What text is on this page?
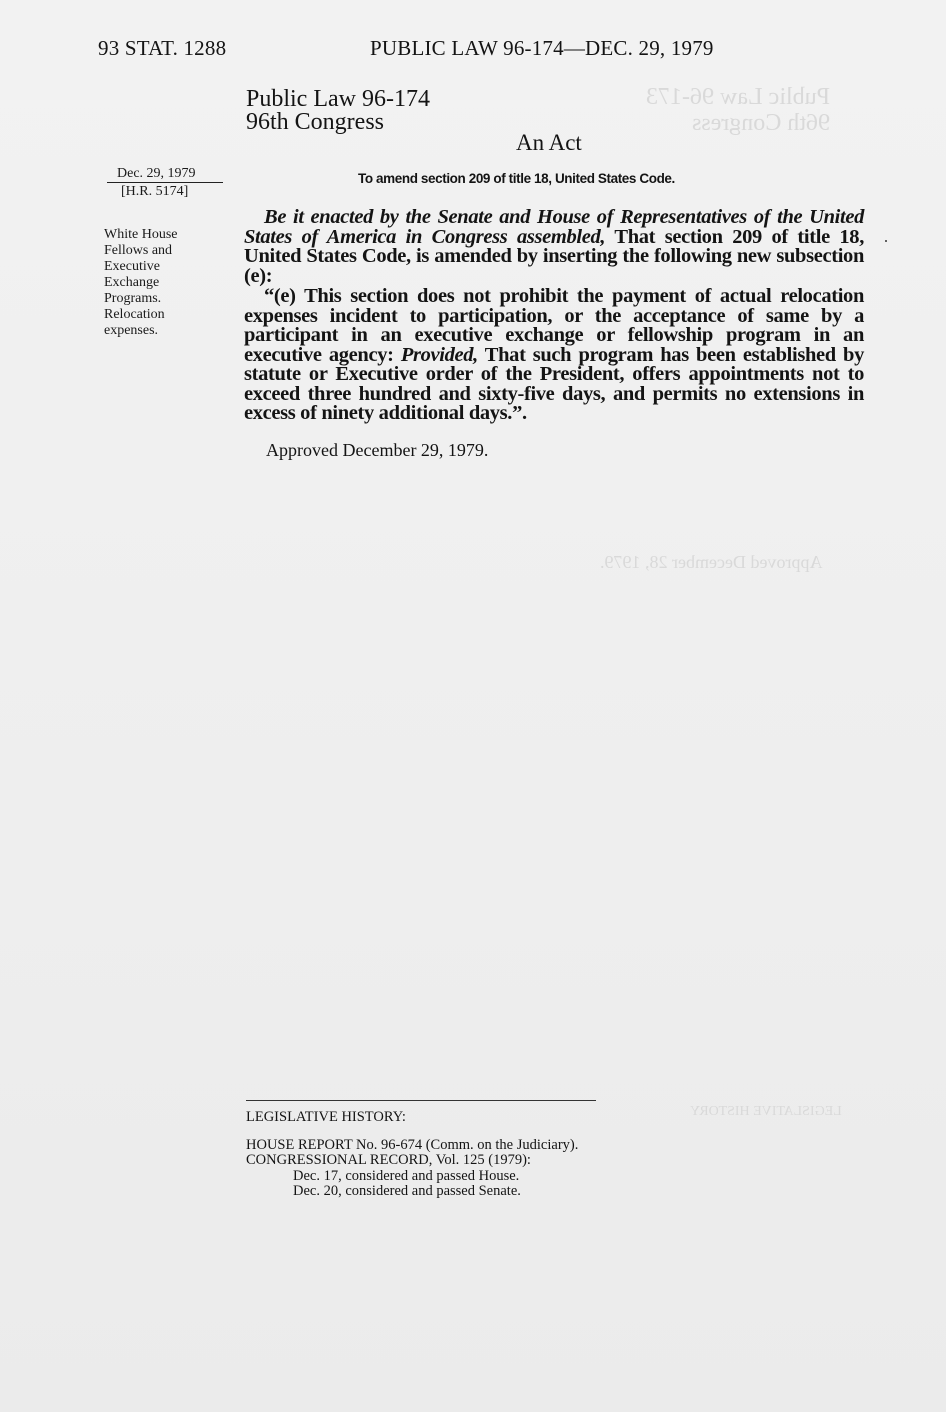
Public Law 96-173
96th Congress
Approved December 28, 1979.
LEGISLATIVE HISTORY
93 STAT. 1288	PUBLIC LAW 96-174—DEC. 29, 1979
Public Law 96-174
96th Congress
An Act
Dec. 29, 1979
[H.R. 5174]
White House
Fellows and
Executive
Exchange
Programs.
Relocation
expenses.
To amend section 209 of title 18, United States Code.
Be it enacted by the Senate and House of Representatives of the United States of America in Congress assembled, That section 209 of title 18, United States Code, is amended by inserting the following new subsection (e):
“(e) This section does not prohibit the payment of actual relocation expenses incident to participation, or the acceptance of same by a participant in an executive exchange or fellowship program in an executive agency: Provided, That such program has been established by statute or Executive order of the President, offers appointments not to exceed three hundred and sixty-five days, and permits no extensions in excess of ninety additional days.”.
Approved December 29, 1979.
LEGISLATIVE HISTORY:
HOUSE REPORT No. 96-674 (Comm. on the Judiciary).
CONGRESSIONAL RECORD, Vol. 125 (1979):
Dec. 17, considered and passed House.
Dec. 20, considered and passed Senate.
